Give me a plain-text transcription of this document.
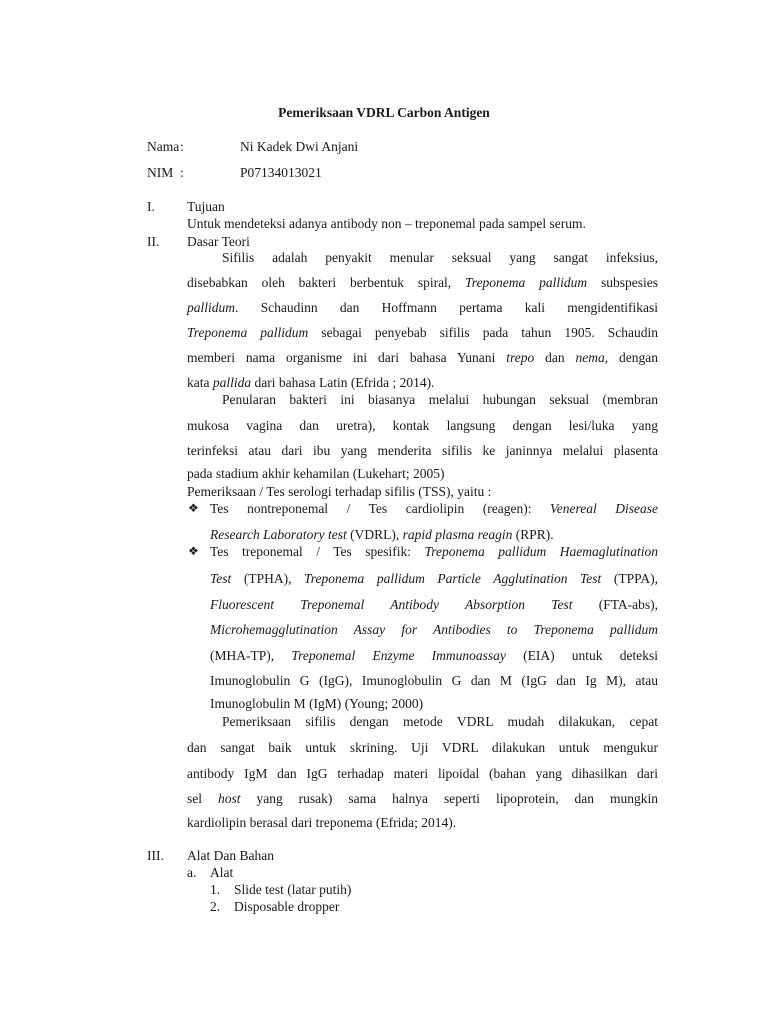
Pemeriksaan VDRL Carbon Antigen
Nama :	Ni Kadek Dwi Anjani
NIM :	P07134013021
I. Tujuan
Untuk mendeteksi adanya antibody non – treponemal pada sampel serum.
II. Dasar Teori
Sifilis adalah penyakit menular seksual yang sangat infeksius,
disebabkan oleh bakteri berbentuk spiral, Treponema pallidum subspesies
pallidum. Schaudinn dan Hoffmann pertama kali mengidentifikasi
Treponema pallidum sebagai penyebab sifilis pada tahun 1905. Schaudin
memberi nama organisme ini dari bahasa Yunani trepo dan nema, dengan
kata pallida dari bahasa Latin (Efrida ; 2014).
Penularan bakteri ini biasanya melalui hubungan seksual (membran
mukosa vagina dan uretra), kontak langsung dengan lesi/luka yang
terinfeksi atau dari ibu yang menderita sifilis ke janinnya melalui plasenta
pada stadium akhir kehamilan (Lukehart; 2005)
Pemeriksaan / Tes serologi terhadap sifilis (TSS), yaitu :
❖ Tes nontreponemal / Tes cardiolipin (reagen): Venereal Disease
Research Laboratory test (VDRL), rapid plasma reagin (RPR).
❖ Tes treponemal / Tes spesifik: Treponema pallidum Haemaglutination
Test (TPHA), Treponema pallidum Particle Agglutination Test (TPPA),
Fluorescent Treponemal Antibody Absorption Test (FTA-abs),
Microhemagglutination Assay for Antibodies to Treponema pallidum
(MHA-TP), Treponemal Enzyme Immunoassay (EIA) untuk deteksi
Imunoglobulin G (IgG), Imunoglobulin G dan M (IgG dan Ig M), atau
Imunoglobulin M (IgM) (Young; 2000)
Pemeriksaan sifilis dengan metode VDRL mudah dilakukan, cepat
dan sangat baik untuk skrining. Uji VDRL dilakukan untuk mengukur
antibody IgM dan IgG terhadap materi lipoidal (bahan yang dihasilkan dari
sel host yang rusak) sama halnya seperti lipoprotein, dan mungkin
kardiolipin berasal dari treponema (Efrida; 2014).
III. Alat Dan Bahan
a. Alat
1. Slide test (latar putih)
2. Disposable dropper
